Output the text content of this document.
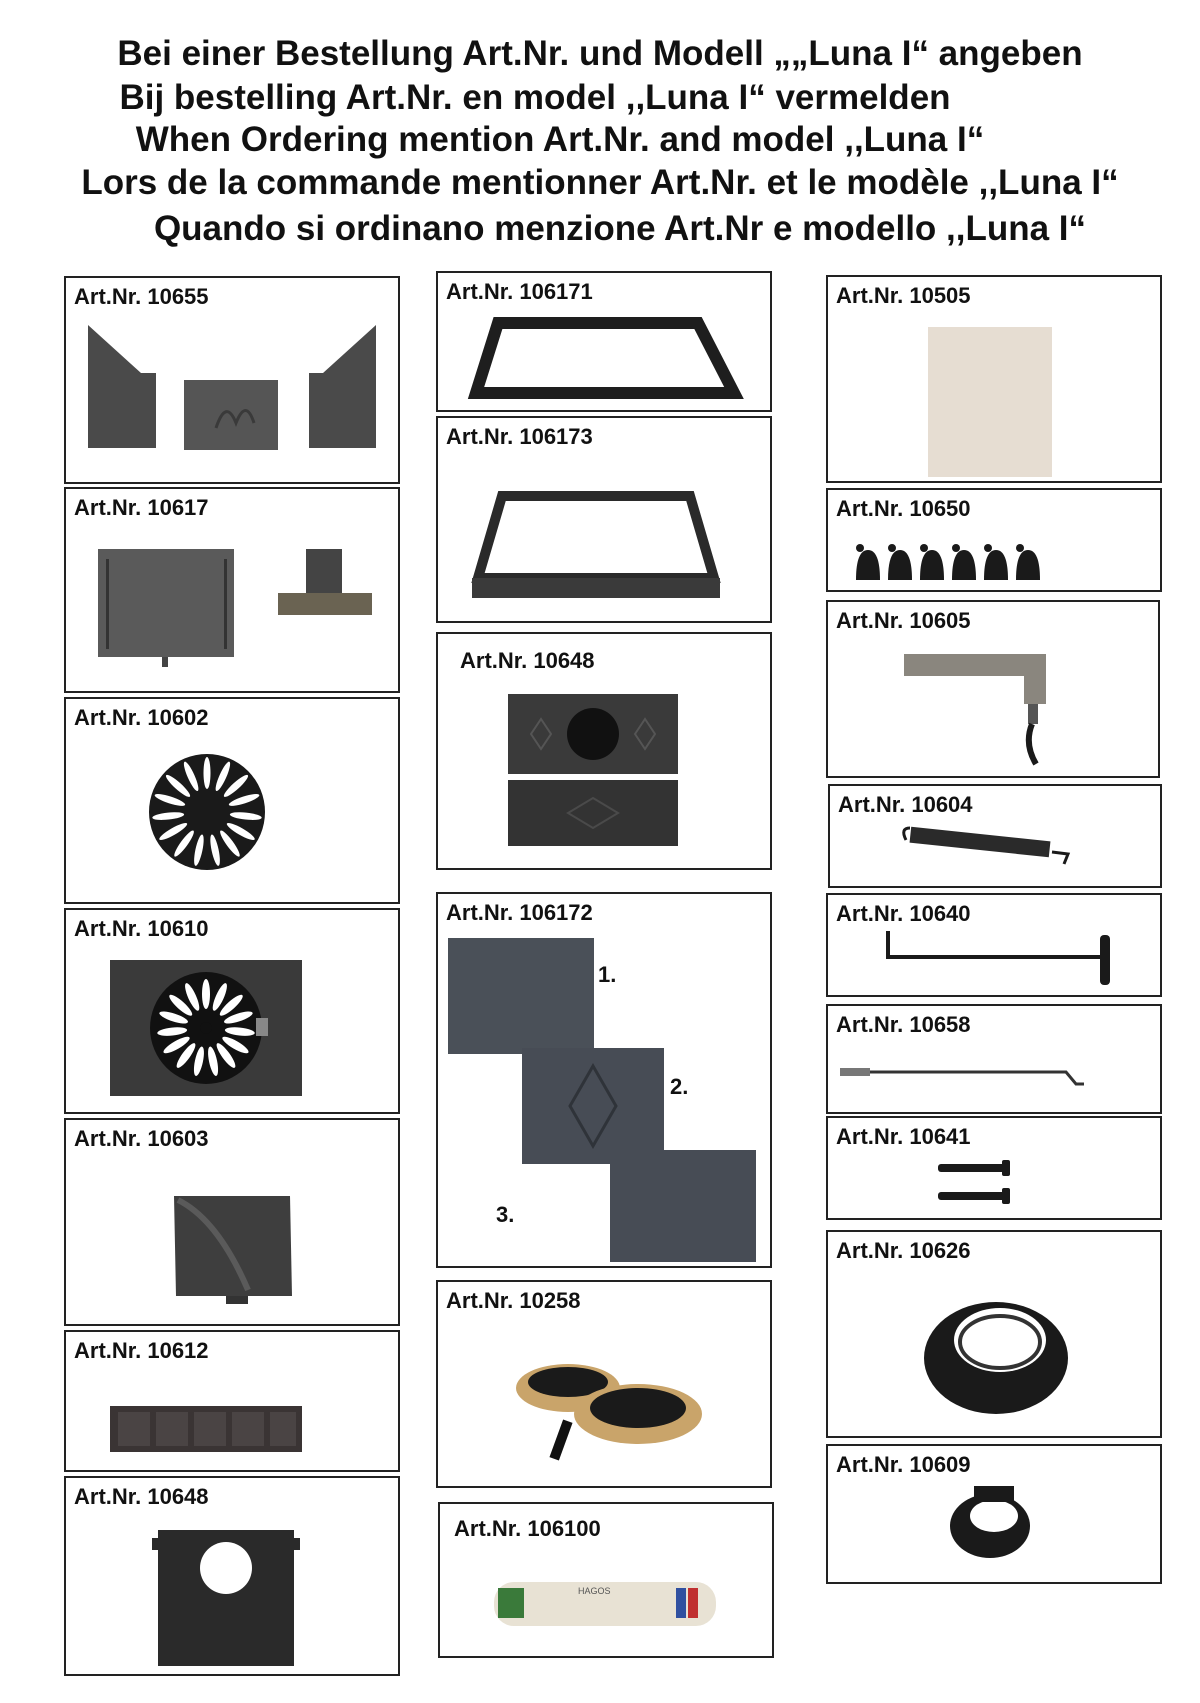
Bei einer Bestellung Art.Nr. und Modell „„Luna I“ angeben
Bij bestelling Art.Nr. en model ,,Luna I“ vermelden
When Ordering mention Art.Nr. and model ,,Luna I“
Lors de la commande mentionner Art.Nr. et le modèle ,,Luna I“
Quando si ordinano menzione Art.Nr e modello ,,Luna I“
Art.Nr. 10655
Art.Nr. 10617
Art.Nr. 10602
Art.Nr. 10610
Art.Nr. 10603
Art.Nr. 10612
Art.Nr. 10648
Art.Nr. 106171
Art.Nr. 106173
Art.Nr. 10648
Art.Nr. 106172
1.
2.
3.
Art.Nr. 10258
Art.Nr. 106100
HAGOS
Art.Nr. 10505
Art.Nr. 10650
Art.Nr. 10605
Art.Nr. 10604
Art.Nr. 10640
Art.Nr. 10658
Art.Nr. 10641
Art.Nr. 10626
Art.Nr. 10609
